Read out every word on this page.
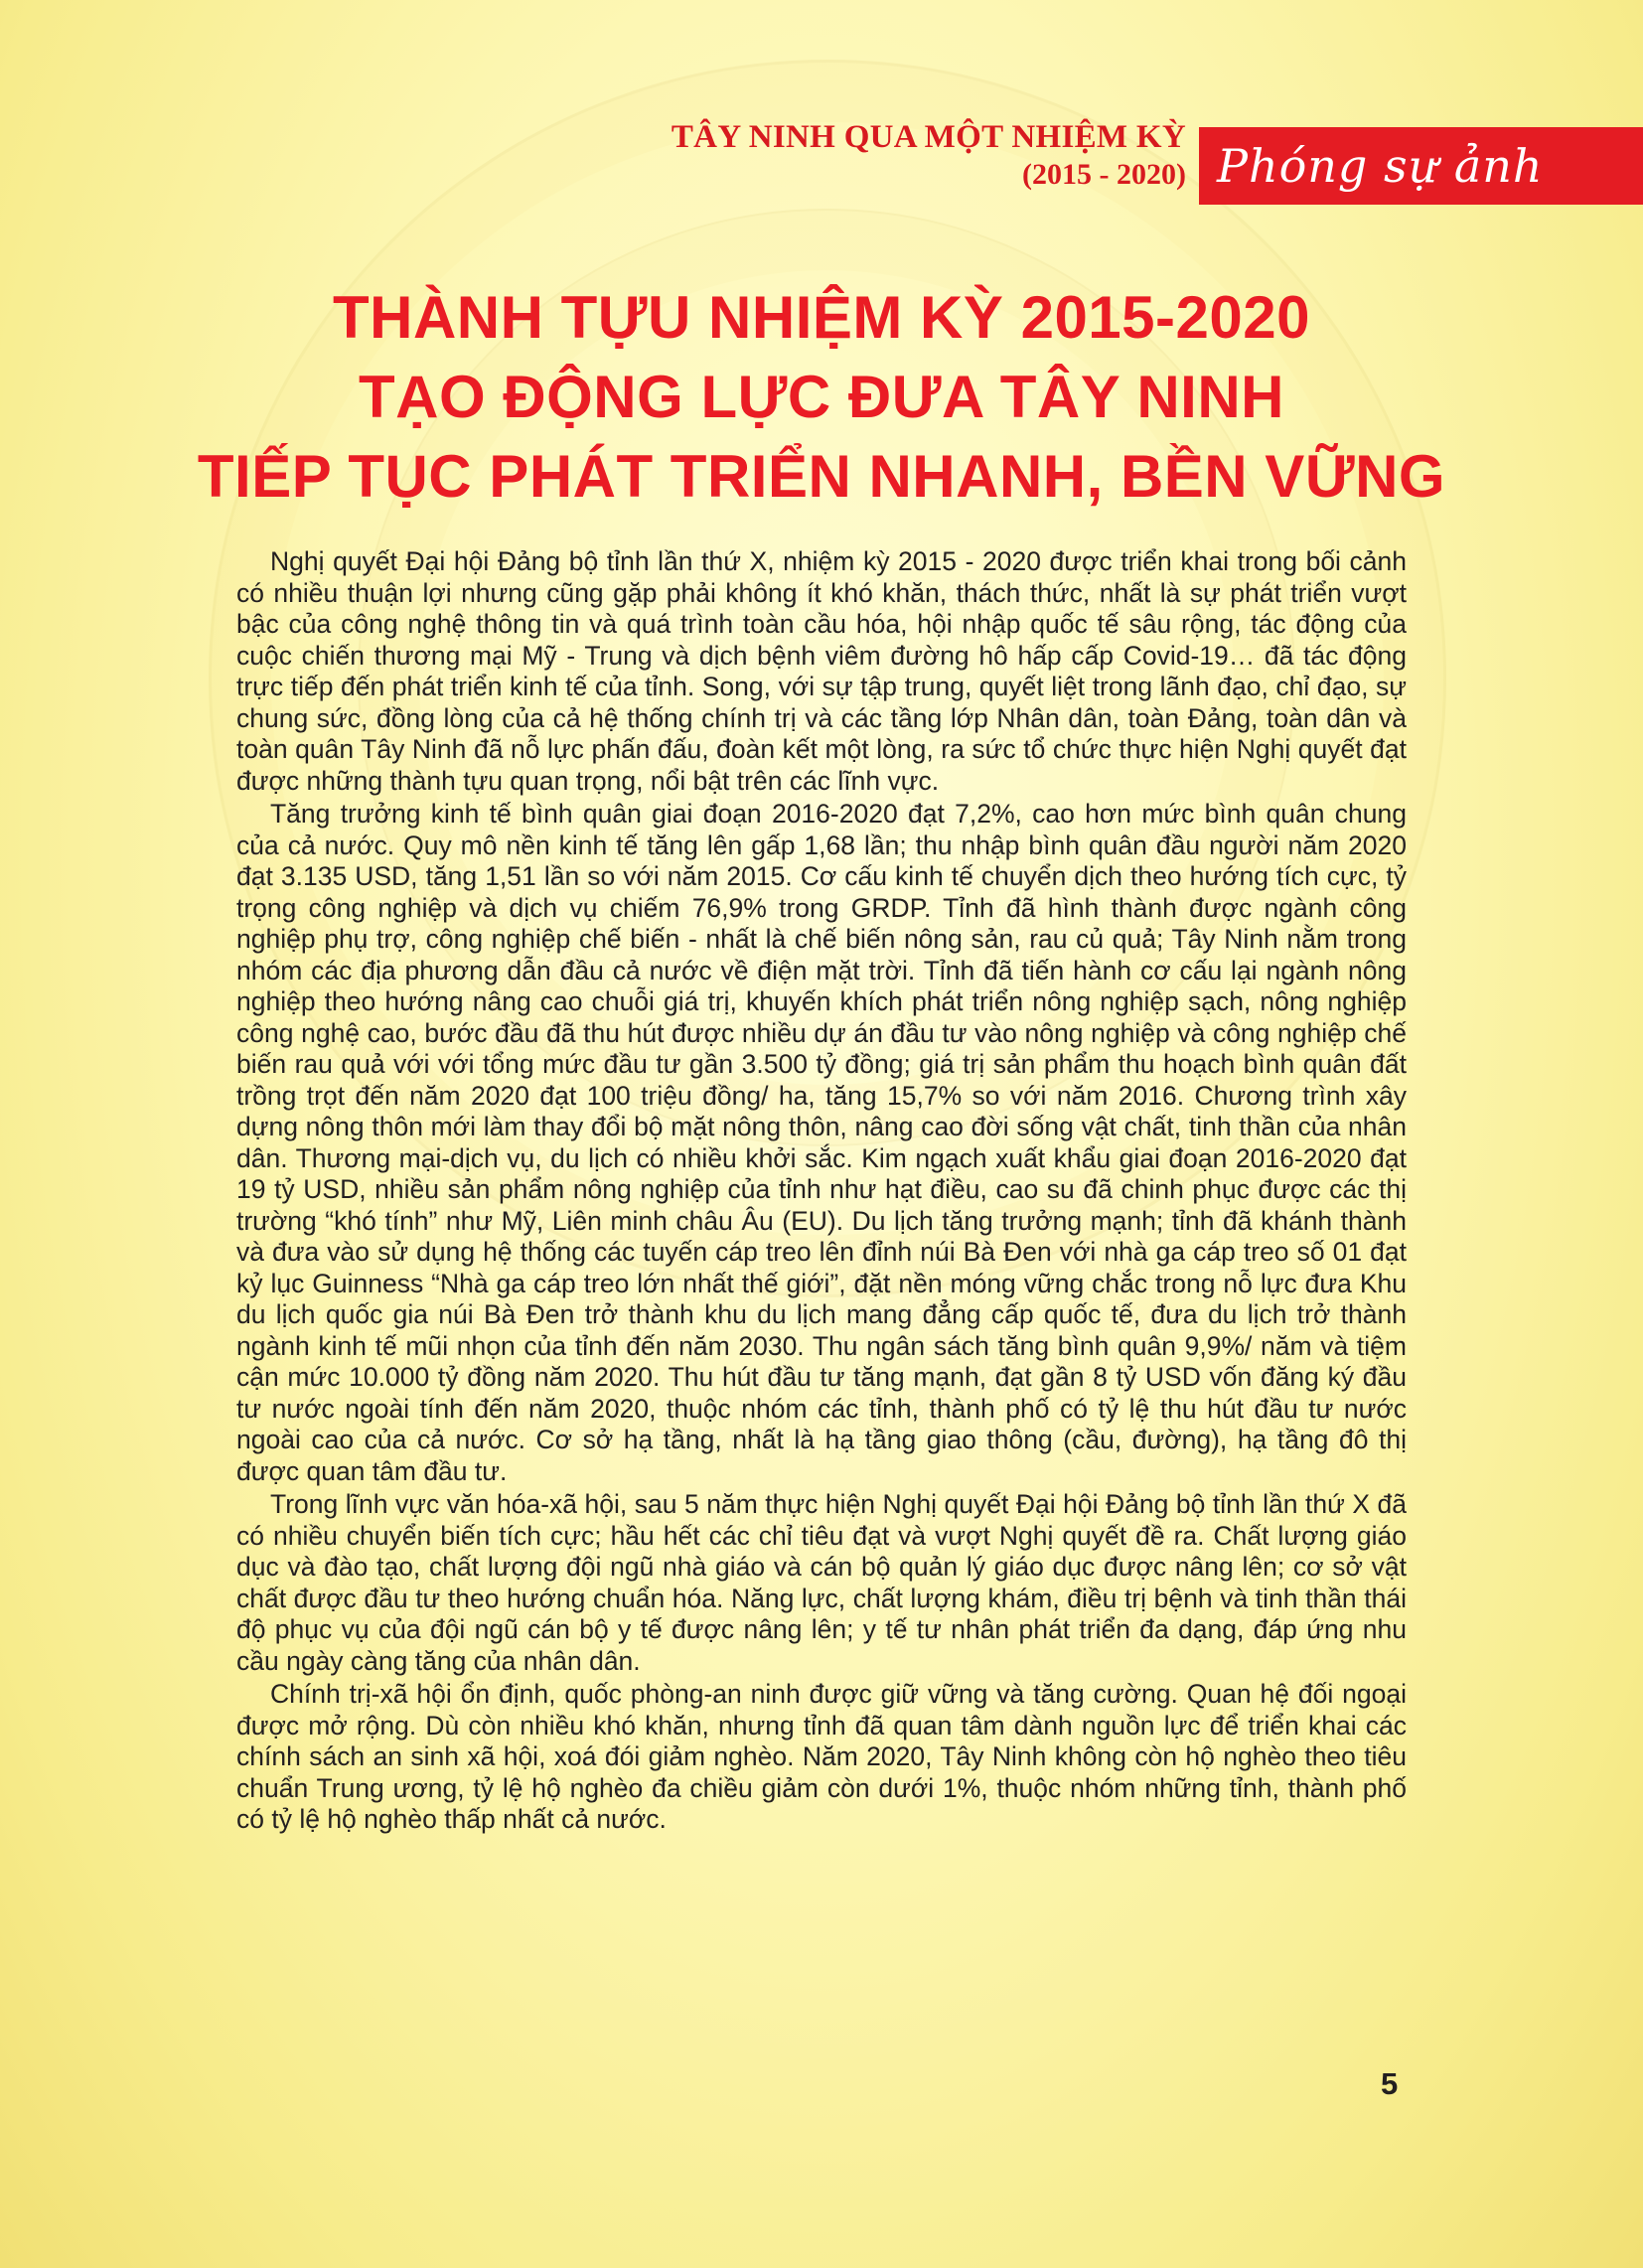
TÂY NINH QUA MỘT NHIỆM KỲ
(2015 - 2020) Phóng sự ảnh
THÀNH TỰU NHIỆM KỲ 2015-2020
TẠO ĐỘNG LỰC ĐƯA TÂY NINH
TIẾP TỤC PHÁT TRIỂN NHANH, BỀN VỮNG

Nghị quyết Đại hội Đảng bộ tỉnh lần thứ X, nhiệm kỳ 2015 - 2020 được triển khai trong bối cảnh có nhiều thuận lợi nhưng cũng gặp phải không ít khó khăn, thách thức, nhất là sự phát triển vượt bậc của công nghệ thông tin và quá trình toàn cầu hóa, hội nhập quốc tế sâu rộng, tác động của cuộc chiến thương mại Mỹ - Trung và dịch bệnh viêm đường hô hấp cấp Covid-19… đã tác động trực tiếp đến phát triển kinh tế của tỉnh. Song, với sự tập trung, quyết liệt trong lãnh đạo, chỉ đạo, sự chung sức, đồng lòng của cả hệ thống chính trị và các tầng lớp Nhân dân, toàn Đảng, toàn dân và toàn quân Tây Ninh đã nỗ lực phấn đấu, đoàn kết một lòng, ra sức tổ chức thực hiện Nghị quyết đạt được những thành tựu quan trọng, nổi bật trên các lĩnh vực.

Tăng trưởng kinh tế bình quân giai đoạn 2016-2020 đạt 7,2%, cao hơn mức bình quân chung của cả nước. Quy mô nền kinh tế tăng lên gấp 1,68 lần; thu nhập bình quân đầu người năm 2020 đạt 3.135 USD, tăng 1,51 lần so với năm 2015. Cơ cấu kinh tế chuyển dịch theo hướng tích cực, tỷ trọng công nghiệp và dịch vụ chiếm 76,9% trong GRDP. Tỉnh đã hình thành được ngành công nghiệp phụ trợ, công nghiệp chế biến - nhất là chế biến nông sản, rau củ quả; Tây Ninh nằm trong nhóm các địa phương dẫn đầu cả nước về điện mặt trời. Tỉnh đã tiến hành cơ cấu lại ngành nông nghiệp theo hướng nâng cao chuỗi giá trị, khuyến khích phát triển nông nghiệp sạch, nông nghiệp công nghệ cao, bước đầu đã thu hút được nhiều dự án đầu tư vào nông nghiệp và công nghiệp chế biến rau quả với với tổng mức đầu tư gần 3.500 tỷ đồng; giá trị sản phẩm thu hoạch bình quân đất trồng trọt đến năm 2020 đạt 100 triệu đồng/ ha, tăng 15,7% so với năm 2016. Chương trình xây dựng nông thôn mới làm thay đổi bộ mặt nông thôn, nâng cao đời sống vật chất, tinh thần của nhân dân. Thương mại-dịch vụ, du lịch có nhiều khởi sắc. Kim ngạch xuất khẩu giai đoạn 2016-2020 đạt 19 tỷ USD, nhiều sản phẩm nông nghiệp của tỉnh như hạt điều, cao su đã chinh phục được các thị trường “khó tính” như Mỹ, Liên minh châu Âu (EU). Du lịch tăng trưởng mạnh; tỉnh đã khánh thành và đưa vào sử dụng hệ thống các tuyến cáp treo lên đỉnh núi Bà Đen với nhà ga cáp treo số 01 đạt kỷ lục Guinness “Nhà ga cáp treo lớn nhất thế giới”, đặt nền móng vững chắc trong nỗ lực đưa Khu du lịch quốc gia núi Bà Đen trở thành khu du lịch mang đẳng cấp quốc tế, đưa du lịch trở thành ngành kinh tế mũi nhọn của tỉnh đến năm 2030. Thu ngân sách tăng bình quân 9,9%/ năm và tiệm cận mức 10.000 tỷ đồng năm 2020. Thu hút đầu tư tăng mạnh, đạt gần 8 tỷ USD vốn đăng ký đầu tư nước ngoài tính đến năm 2020, thuộc nhóm các tỉnh, thành phố có tỷ lệ thu hút đầu tư nước ngoài cao của cả nước. Cơ sở hạ tầng, nhất là hạ tầng giao thông (cầu, đường), hạ tầng đô thị được quan tâm đầu tư.

Trong lĩnh vực văn hóa-xã hội, sau 5 năm thực hiện Nghị quyết Đại hội Đảng bộ tỉnh lần thứ X đã có nhiều chuyển biến tích cực; hầu hết các chỉ tiêu đạt và vượt Nghị quyết đề ra. Chất lượng giáo dục và đào tạo, chất lượng đội ngũ nhà giáo và cán bộ quản lý giáo dục được nâng lên; cơ sở vật chất được đầu tư theo hướng chuẩn hóa. Năng lực, chất lượng khám, điều trị bệnh và tinh thần thái độ phục vụ của đội ngũ cán bộ y tế được nâng lên; y tế tư nhân phát triển đa dạng, đáp ứng nhu cầu ngày càng tăng của nhân dân.

Chính trị-xã hội ổn định, quốc phòng-an ninh được giữ vững và tăng cường. Quan hệ đối ngoại được mở rộng. Dù còn nhiều khó khăn, nhưng tỉnh đã quan tâm dành nguồn lực để triển khai các chính sách an sinh xã hội, xoá đói giảm nghèo. Năm 2020, Tây Ninh không còn hộ nghèo theo tiêu chuẩn Trung ương, tỷ lệ hộ nghèo đa chiều giảm còn dưới 1%, thuộc nhóm những tỉnh, thành phố có tỷ lệ hộ nghèo thấp nhất cả nước.

5
